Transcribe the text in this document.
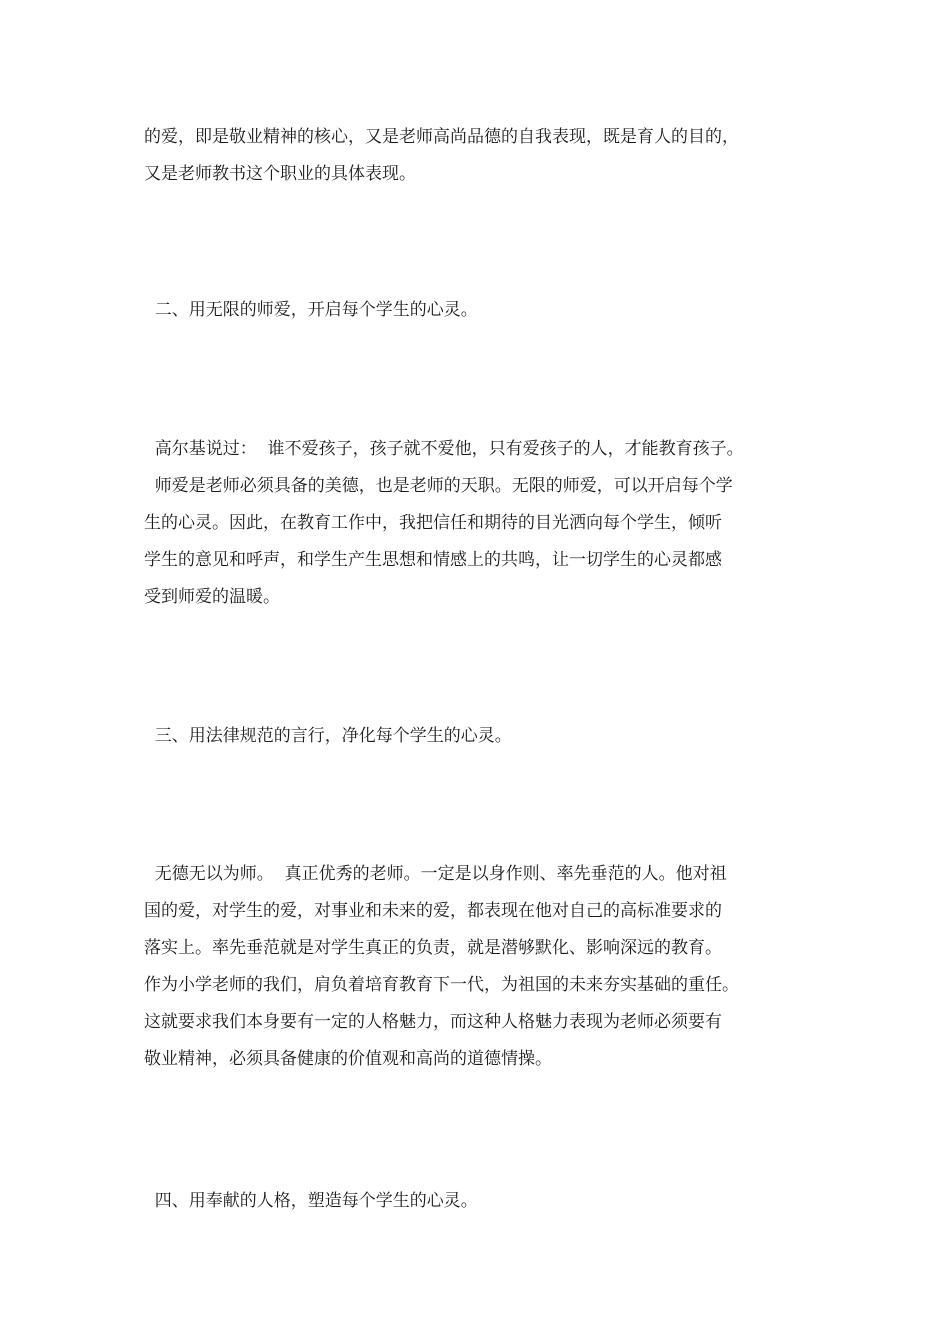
的爱，即是敬业精神的核心，又是老师高尚品德的自我表现，既是育人的目的，
又是老师教书这个职业的具体表现。
二、用无限的师爱，开启每个学生的心灵。
高尔基说过：  谁不爱孩子，孩子就不爱他，只有爱孩子的人，才能教育孩子。
师爱是老师必须具备的美德，也是老师的天职。无限的师爱，可以开启每个学
生的心灵。因此，在教育工作中，我把信任和期待的目光洒向每个学生，倾听
学生的意见和呼声，和学生产生思想和情感上的共鸣，让一切学生的心灵都感
受到师爱的温暖。
三、用法律规范的言行，净化每个学生的心灵。
无德无以为师。  真正优秀的老师。一定是以身作则、率先垂范的人。他对祖
国的爱，对学生的爱，对事业和未来的爱，都表现在他对自己的高标准要求的
落实上。率先垂范就是对学生真正的负责，就是潜够默化、影响深远的教育。
作为小学老师的我们，肩负着培育教育下一代，为祖国的未来夯实基础的重任。
这就要求我们本身要有一定的人格魅力，而这种人格魅力表现为老师必须要有
敬业精神，必须具备健康的价值观和高尚的道德情操。
四、用奉献的人格，塑造每个学生的心灵。
